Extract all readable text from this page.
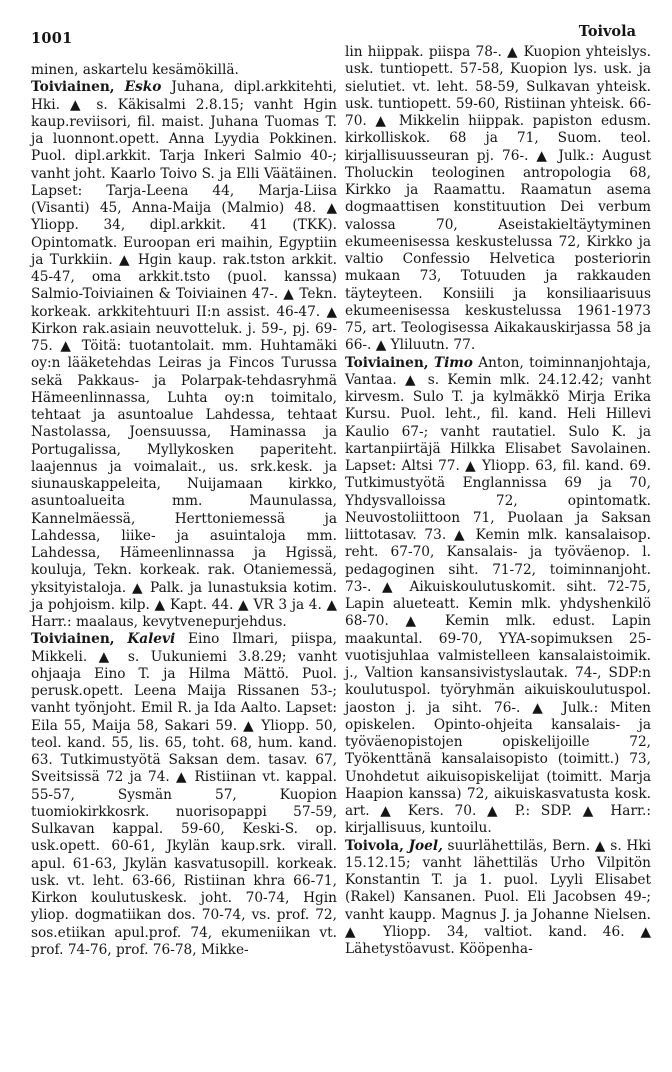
1001	Toivola

minen, askartelu kesämökillä.

Toiviainen, Esko Juhana, dipl.arkkitehti, Hki. ▲ s. Käkisalmi 2.8.15; vanht Hgin kaup.reviisori, fil. maist. Juhana Tuomas T. ja luonnont.opett. Anna Lyydia Pokkinen. Puol. dipl.arkkit. Tarja Inkeri Salmio 40-; vanht joht. Kaarlo Toivo S. ja Elli Väätäinen. Lapset: Tarja-Leena 44, Marja-Liisa (Visanti) 45, Anna-Maija (Malmio) 48. ▲ Yliopp. 34, dipl.arkkit. 41 (TKK). Opintomatk. Euroopan eri maihin, Egyptiin ja Turkkiin. ▲ Hgin kaup. rak.tston arkkit. 45-47, oma arkkit.tsto (puol. kanssa) Salmio-Toiviainen & Toiviainen 47-. ▲ Tekn. korkeak. arkkitehtuuri II:n assist. 46-47. ▲ Kirkon rak.asiain neuvotteluk. j. 59-, pj. 69-75. ▲ Töitä: tuotantolait. mm. Huhtamäki oy:n lääketehdas Leiras ja Fincos Turussa sekä Pakkaus- ja Polarpak-tehdasryhmä Hämeenlinnassa, Luhta oy:n toimitalo, tehtaat ja asuntoalue Lahdessa, tehtaat Nastolassa, Joensuussa, Haminassa ja Portugalissa, Myllykosken paperiteht. laajennus ja voimalait., us. srk.kesk. ja siunauskappeleita, Nuijamaan kirkko, asuntoalueita mm. Maunulassa, Kannelmäessä, Herttoniemessä ja Lahdessa, liike- ja asuintaloja mm. Lahdessa, Hämeenlinnassa ja Hgissä, kouluja, Tekn. korkeak. rak. Otaniemessä, yksityistaloja. ▲ Palk. ja lunastuksia kotim. ja pohjoism. kilp. ▲ Kapt. 44. ▲ VR 3 ja 4. ▲ Harr.: maalaus, kevytvenepurjehdus.

Toiviainen, Kalevi Eino Ilmari, piispa, Mikkeli. ▲ s. Uukuniemi 3.8.29; vanht ohjaaja Eino T. ja Hilma Mättö. Puol. perusk.opett. Leena Maija Rissanen 53-; vanht työnjoht. Emil R. ja Ida Aalto. Lapset: Eila 55, Maija 58, Sakari 59. ▲ Yliopp. 50, teol. kand. 55, lis. 65, toht. 68, hum. kand. 63. Tutkimustyötä Saksan dem. tasav. 67, Sveitsissä 72 ja 74. ▲ Ristiinan vt. kappal. 55-57, Sysmän 57, Kuopion tuomiokirkkosrk. nuorisopappi 57-59, Sulkavan kappal. 59-60, Keski-S. op. usk.opett. 60-61, Jkylän kaup.srk. virall. apul. 61-63, Jkylän kasvatusopill. korkeak. usk. vt. leht. 63-66, Ristiinan khra 66-71, Kirkon koulutuskesk. joht. 70-74, Hgin yliop. dogmatiikan dos. 70-74, vs. prof. 72, sos.etiikan apul.prof. 74, ekumeniikan vt. prof. 74-76, prof. 76-78, Mikke-

lin hiippak. piispa 78-. ▲ Kuopion yhteislys. usk. tuntiopett. 57-58, Kuopion lys. usk. ja sielutiet. vt. leht. 58-59, Sulkavan yhteisk. usk. tuntiopett. 59-60, Ristiinan yhteisk. 66-70. ▲ Mikkelin hiippak. papiston edusm. kirkolliskok. 68 ja 71, Suom. teol. kirjallisuusseuran pj. 76-. ▲ Julk.: August Tholuckin teologinen antropologia 68, Kirkko ja Raamattu. Raamatun asema dogmaattisen konstituution Dei verbum valossa 70, Aseistakieltäytyminen ekumeenisessa keskustelussa 72, Kirkko ja valtio Confessio Helvetica posteriorin mukaan 73, Totuuden ja rakkauden täyteyteen. Konsiili ja konsiliaarisuus ekumeenisessa keskustelussa 1961-1973 75, art. Teologisessa Aikakauskirjassa 58 ja 66-. ▲ Yliluutn. 77.

Toiviainen, Timo Anton, toiminnanjohtaja, Vantaa. ▲ s. Kemin mlk. 24.12.42; vanht kirvesm. Sulo T. ja kylmäkkö Mirja Erika Kursu. Puol. leht., fil. kand. Heli Hillevi Kaulio 67-; vanht rautatiel. Sulo K. ja kartanpiirtäjä Hilkka Elisabet Savolainen. Lapset: Altsi 77. ▲ Yliopp. 63, fil. kand. 69. Tutkimustyötä Englannissa 69 ja 70, Yhdysvalloissa 72, opintomatk. Neuvostoliittoon 71, Puolaan ja Saksan liittotasav. 73. ▲ Kemin mlk. kansalaisop. reht. 67-70, Kansalais- ja työväenop. l. pedagoginen siht. 71-72, toiminnanjoht. 73-. ▲ Aikuiskoulutuskomit. siht. 72-75, Lapin alueteatt. Kemin mlk. yhdyshenkilö 68-70. ▲ Kemin mlk. edust. Lapin maakuntal. 69-70, YYA-sopimuksen 25-vuotisjuhlaa valmistelleen kansalaistoimik. j., Valtion kansansivistyslautak. 74-, SDP:n koulutuspol. työryhmän aikuiskoulutuspol. jaoston j. ja siht. 76-. ▲ Julk.: Miten opiskelen. Opinto-ohjeita kansalais- ja työväenopistojen opiskelijoille 72, Työkenttänä kansalaisopisto (toimitt.) 73, Unohdetut aikuisopiskelijat (toimitt. Marja Haapion kanssa) 72, aikuiskasvatusta kosk. art. ▲ Kers. 70. ▲ P.: SDP. ▲ Harr.: kirjallisuus, kuntoilu.

Toivola, Joel, suurlähettiläs, Bern. ▲ s. Hki 15.12.15; vanht lähettiläs Urho Vilpitön Konstantin T. ja 1. puol. Lyyli Elisabet (Rakel) Kansanen. Puol. Eli Jacobsen 49-; vanht kaupp. Magnus J. ja Johanne Nielsen. ▲ Yliopp. 34, valtiot. kand. 46. ▲ Lähetystöavust. Kööpenha-
